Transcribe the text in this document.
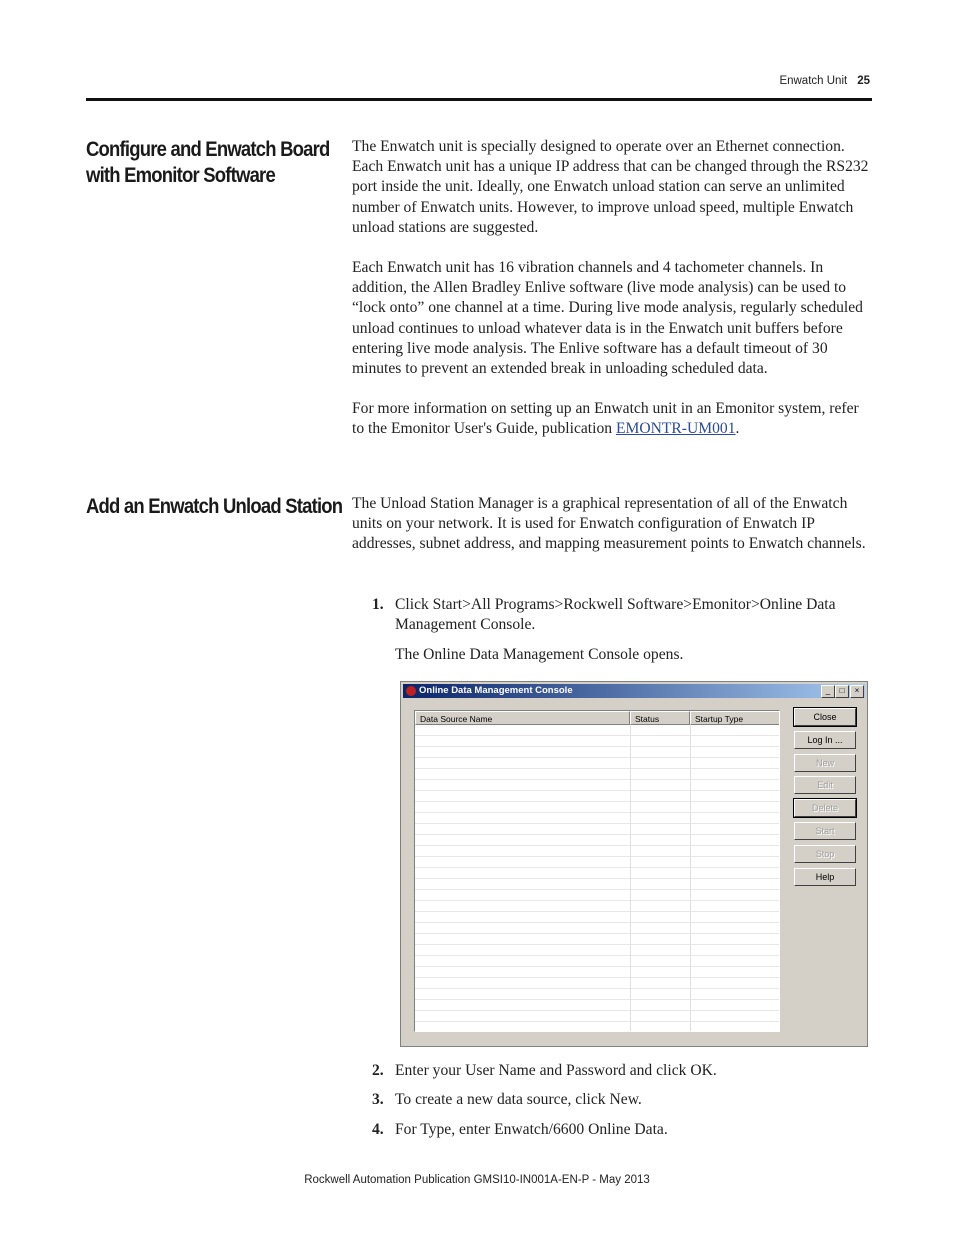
Enwatch Unit 25
Configure and Enwatch Board
with Emonitor Software

The Enwatch unit is specially designed to operate over an Ethernet connection. Each Enwatch unit has a unique IP address that can be changed through the RS232 port inside the unit. Ideally, one Enwatch unload station can serve an unlimited number of Enwatch units. However, to improve unload speed, multiple Enwatch unload stations are suggested.

Each Enwatch unit has 16 vibration channels and 4 tachometer channels. In addition, the Allen Bradley Enlive software (live mode analysis) can be used to “lock onto” one channel at a time. During live mode analysis, regularly scheduled unload continues to unload whatever data is in the Enwatch unit buffers before entering live mode analysis. The Enlive software has a default timeout of 30 minutes to prevent an extended break in unloading scheduled data.

For more information on setting up an Enwatch unit in an Emonitor system, refer to the Emonitor User's Guide, publication EMONTR-UM001.

Add an Enwatch Unload Station The Unload Station Manager is a graphical representation of all of the Enwatch units on your network. It is used for Enwatch configuration of Enwatch IP addresses, subnet address, and mapping measurement points to Enwatch channels.

1. Click Start>All Programs>Rockwell Software>Emonitor>Online Data Management Console.
The Online Data Management Console opens.
Online Data Management Console	_	□	×
Data Source Name	Status	Startup Type	Close
Log In ...
New
Edit
Delete
Start
Stop
Help
2. Enter your User Name and Password and click OK.
3. To create a new data source, click New.
4. For Type, enter Enwatch/6600 Online Data.
Rockwell Automation Publication GMSI10-IN001A-EN-P - May 2013
